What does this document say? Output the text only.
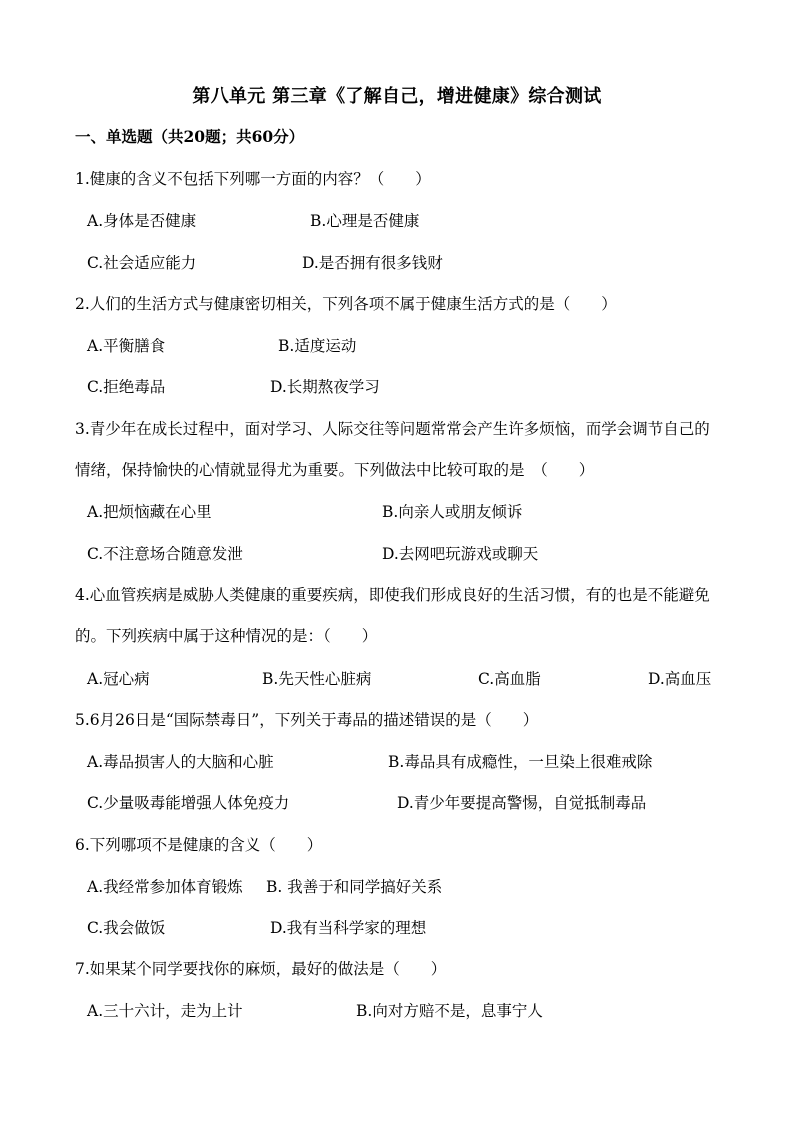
第八单元 第三章《了解自己，增进健康》综合测试
一、单选题（共20题；共60分）
1.健康的含义不包括下列哪一方面的内容？（　　）
A.身体是否健康	B.心理是否健康
C.社会适应能力	D.是否拥有很多钱财
2.人们的生活方式与健康密切相关，下列各项不属于健康生活方式的是（　　）
A.平衡膳食	B.适度运动
C.拒绝毒品	D.长期熬夜学习
3.青少年在成长过程中，面对学习、人际交往等问题常常会产生许多烦恼，而学会调节自己的情绪，保持愉快的心情就显得尤为重要。下列做法中比较可取的是　（　　）
A.把烦恼藏在心里	B.向亲人或朋友倾诉
C.不注意场合随意发泄	D.去网吧玩游戏或聊天
4.心血管疾病是威胁人类健康的重要疾病，即使我们形成良好的生活习惯，有的也是不能避免的。下列疾病中属于这种情况的是：（　　）
A.冠心病	B.先天性心脏病	C.高血脂	D.高血压
5.6月26日是“国际禁毒日”，下列关于毒品的描述错误的是（　　）
A.毒品损害人的大脑和心脏	B.毒品具有成瘾性，一旦染上很难戒除
C.少量吸毒能增强人体免疫力	D.青少年要提高警惕，自觉抵制毒品
6.下列哪项不是健康的含义（　　）
A.我经常参加体育锻炼 B. 我善于和同学搞好关系
C.我会做饭	D.我有当科学家的理想
7.如果某个同学要找你的麻烦，最好的做法是（　　）
A.三十六计，走为上计	B.向对方赔不是，息事宁人
